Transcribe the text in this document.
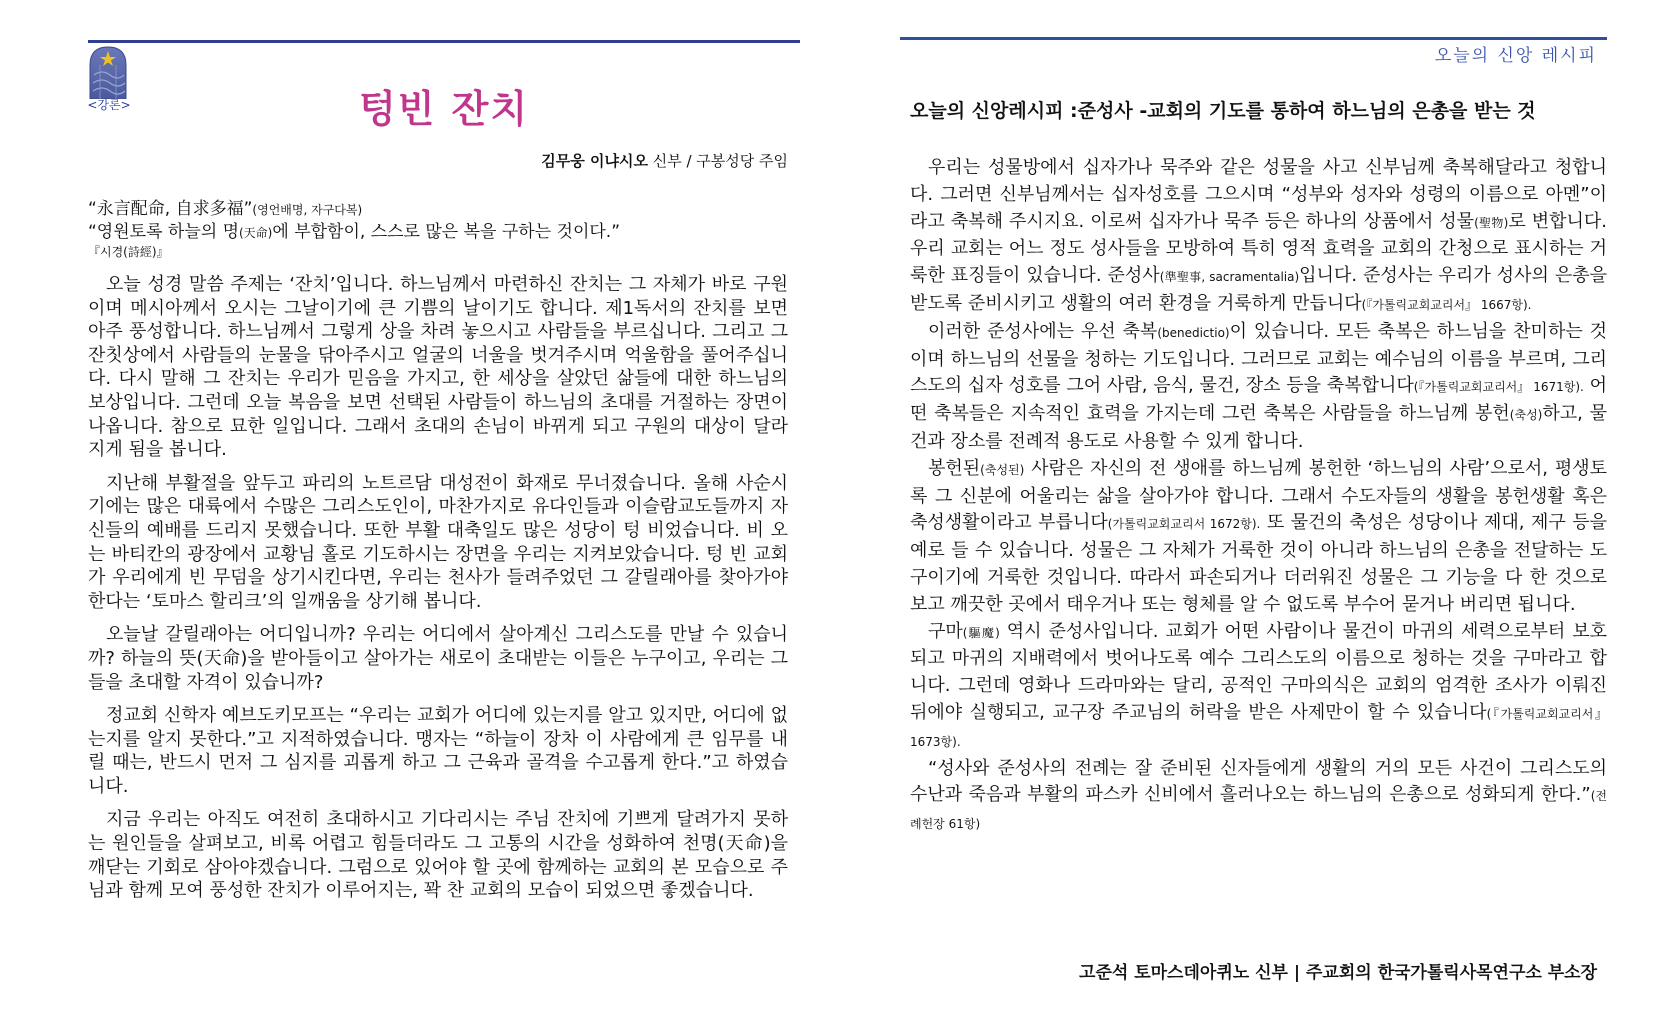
<강론>	텅빈 잔치
김무웅 이냐시오 신부 / 구봉성당 주임
“永言配命, 自求多福”(영언배명, 자구다복)
“영원토록 하늘의 명(天命)에 부합함이, 스스로 많은 복을 구하는 것이다.”
『시경(詩經)』

오늘 성경 말씀 주제는 ‘잔치’입니다. 하느님께서 마련하신 잔치는 그 자체가 바로 구원이며 메시아께서 오시는 그날이기에 큰 기쁨의 날이기도 합니다. 제1독서의 잔치를 보면 아주 풍성합니다. 하느님께서 그렇게 상을 차려 놓으시고 사람들을 부르십니다. 그리고 그 잔칫상에서 사람들의 눈물을 닦아주시고 얼굴의 너울을 벗겨주시며 억울함을 풀어주십니다. 다시 말해 그 잔치는 우리가 믿음을 가지고, 한 세상을 살았던 삶들에 대한 하느님의 보상입니다. 그런데 오늘 복음을 보면 선택된 사람들이 하느님의 초대를 거절하는 장면이 나옵니다. 참으로 묘한 일입니다. 그래서 초대의 손님이 바뀌게 되고 구원의 대상이 달라지게 됨을 봅니다.

지난해 부활절을 앞두고 파리의 노트르담 대성전이 화재로 무너졌습니다. 올해 사순시기에는 많은 대륙에서 수많은 그리스도인이, 마찬가지로 유다인들과 이슬람교도들까지 자신들의 예배를 드리지 못했습니다. 또한 부활 대축일도 많은 성당이 텅 비었습니다. 비 오는 바티칸의 광장에서 교황님 홀로 기도하시는 장면을 우리는 지켜보았습니다. 텅 빈 교회가 우리에게 빈 무덤을 상기시킨다면, 우리는 천사가 들려주었던 그 갈릴래아를 찾아가야 한다는 ‘토마스 할리크’의 일깨움을 상기해 봅니다.

오늘날 갈릴래아는 어디입니까? 우리는 어디에서 살아계신 그리스도를 만날 수 있습니까? 하늘의 뜻(天命)을 받아들이고 살아가는 새로이 초대받는 이들은 누구이고, 우리는 그들을 초대할 자격이 있습니까?

정교회 신학자 예브도키모프는 “우리는 교회가 어디에 있는지를 알고 있지만, 어디에 없는지를 알지 못한다.”고 지적하였습니다. 맹자는 “하늘이 장차 이 사람에게 큰 임무를 내릴 때는, 반드시 먼저 그 심지를 괴롭게 하고 그 근육과 골격을 수고롭게 한다.”고 하였습니다.

지금 우리는 아직도 여전히 초대하시고 기다리시는 주님 잔치에 기쁘게 달려가지 못하는 원인들을 살펴보고, 비록 어렵고 힘들더라도 그 고통의 시간을 성화하여 천명(天命)을 깨닫는 기회로 삼아야겠습니다. 그럼으로 있어야 할 곳에 함께하는 교회의 본 모습으로 주님과 함께 모여 풍성한 잔치가 이루어지는, 꽉 찬 교회의 모습이 되었으면 좋겠습니다.

오늘의 신앙 레시피
오늘의 신앙레시피 :준성사 -교회의 기도를 통하여 하느님의 은총을 받는 것

우리는 성물방에서 십자가나 묵주와 같은 성물을 사고 신부님께 축복해달라고 청합니다. 그러면 신부님께서는 십자성호를 그으시며 “성부와 성자와 성령의 이름으로 아멘”이라고 축복해 주시지요. 이로써 십자가나 묵주 등은 하나의 상품에서 성물(聖物)로 변합니다. 우리 교회는 어느 정도 성사들을 모방하여 특히 영적 효력을 교회의 간청으로 표시하는 거룩한 표징들이 있습니다. 준성사(準聖事, sacramentalia)입니다. 준성사는 우리가 성사의 은총을 받도록 준비시키고 생활의 여러 환경을 거룩하게 만듭니다(『가톨릭교회교리서』 1667항).

이러한 준성사에는 우선 축복(benedictio)이 있습니다. 모든 축복은 하느님을 찬미하는 것이며 하느님의 선물을 청하는 기도입니다. 그러므로 교회는 예수님의 이름을 부르며, 그리스도의 십자 성호를 그어 사람, 음식, 물건, 장소 등을 축복합니다(『가톨릭교회교리서』 1671항). 어떤 축복들은 지속적인 효력을 가지는데 그런 축복은 사람들을 하느님께 봉헌(축성)하고, 물건과 장소를 전례적 용도로 사용할 수 있게 합니다.

봉헌된(축성된) 사람은 자신의 전 생애를 하느님께 봉헌한 ‘하느님의 사람’으로서, 평생토록 그 신분에 어울리는 삶을 살아가야 합니다. 그래서 수도자들의 생활을 봉헌생활 혹은 축성생활이라고 부릅니다(가톨릭교회교리서 1672항). 또 물건의 축성은 성당이나 제대, 제구 등을 예로 들 수 있습니다. 성물은 그 자체가 거룩한 것이 아니라 하느님의 은총을 전달하는 도구이기에 거룩한 것입니다. 따라서 파손되거나 더러워진 성물은 그 기능을 다 한 것으로 보고 깨끗한 곳에서 태우거나 또는 형체를 알 수 없도록 부수어 묻거나 버리면 됩니다.

구마(驅魔) 역시 준성사입니다. 교회가 어떤 사람이나 물건이 마귀의 세력으로부터 보호되고 마귀의 지배력에서 벗어나도록 예수 그리스도의 이름으로 청하는 것을 구마라고 합니다. 그런데 영화나 드라마와는 달리, 공적인 구마의식은 교회의 엄격한 조사가 이뤄진 뒤에야 실행되고, 교구장 주교님의 허락을 받은 사제만이 할 수 있습니다(『가톨릭교회교리서』 1673항).

“성사와 준성사의 전례는 잘 준비된 신자들에게 생활의 거의 모든 사건이 그리스도의 수난과 죽음과 부활의 파스카 신비에서 흘러나오는 하느님의 은총으로 성화되게 한다.”(전례헌장 61항)

고준석 토마스데아퀴노 신부 | 주교회의 한국가톨릭사목연구소 부소장
